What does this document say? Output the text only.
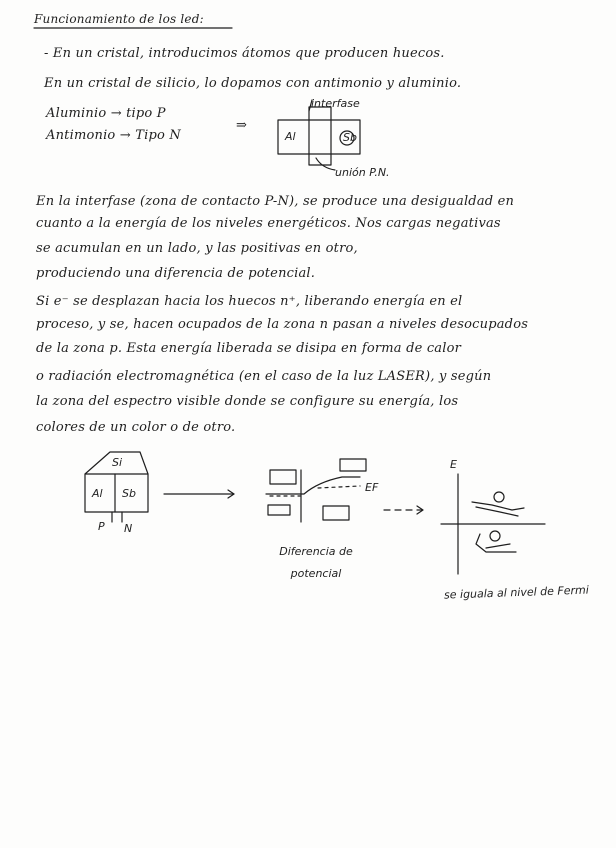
Funcionamiento de los led:
- En un cristal, introducimos átomos que producen huecos.
En un cristal de silicio, lo dopamos con antimonio y aluminio.
Aluminio → tipo P
Antimonio → Tipo N
interfase
⇒
Al	Sb
unión P.N.
En la interfase (zona de contacto P-N), se produce una desigualdad en
cuanto a la energía de los niveles energéticos. Nos cargas negativas
se acumulan en un lado, y las positivas en otro,
produciendo una diferencia de potencial.
Si e⁻ se desplazan hacia los huecos n⁺, liberando energía en el
proceso, y se, hacen ocupados de la zona n pasan a niveles desocupados
de la zona p. Esta energía liberada se disipa en forma de calor
o radiación electromagnética (en el caso de la luz LASER), y según
la zona del espectro visible donde se configure su energía, los
colores de un color o de otro.
Si
Al Sb
P N
EF
Diferencia de potencial
E
se iguala al nivel de Fermi
